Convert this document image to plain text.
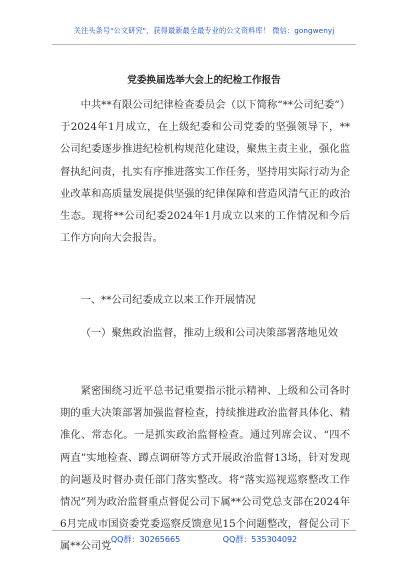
关注头条号"公文研究"，获得最新最全最专业的公文资料库！ 微信：gongwenyj
党委换届选举大会上的纪检工作报告
中共**有限公司纪律检查委员会（以下简称“**公司纪委”）于2024年1月成立，在上级纪委和公司党委的坚强领导下，**公司纪委逐步推进纪检机构规范化建设，聚焦主责主业，强化监督执纪问责，扎实有序推进落实工作任务，坚持用实际行动为企业改革和高质量发展提供坚强的纪律保障和营造风清气正的政治生态。现将**公司纪委2024年1月成立以来的工作情况和今后工作方向向大会报告。
一、**公司纪委成立以来工作开展情况
（一）聚焦政治监督，推动上级和公司决策部署落地见效
紧密围绕习近平总书记重要指示批示精神、上级和公司各时期的重大决策部署加强监督检查，持续推进政治监督具体化、精准化、常态化。一是抓实政治监督检查。通过列席会议、“四不两直”实地检查、蹲点调研等方式开展政治监督13场，针对发现的问题及时督办责任部门落实整改。将“落实巡视巡察整改工作情况”列为政治监督重点督促公司下属**公司党总支部在2024年6月完成市国资委党委巡察反馈意见15个问题整改，督促公司下属**公司党
QQ群：30265665	QQ群：535304092
